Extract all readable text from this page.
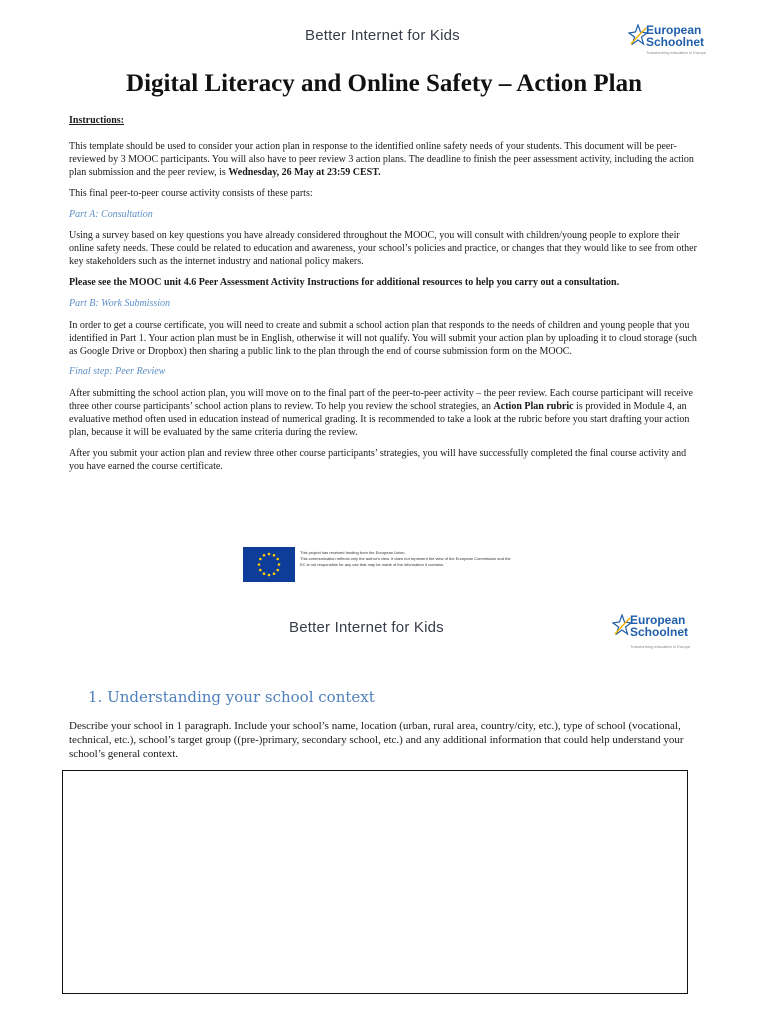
Better Internet for Kids	European
Schoolnet
Transforming education in Europe
Digital Literacy and Online Safety – Action Plan

Instructions:

This template should be used to consider your action plan in response to the identified online safety needs of your students. This document will be peer-reviewed by 3 MOOC participants. You will also have to peer review 3 action plans. The deadline to finish the peer assessment activity, including the action plan submission and the peer review, is Wednesday, 26 May at 23:59 CEST.

This final peer-to-peer course activity consists of these parts:

Part A: Consultation

Using a survey based on key questions you have already considered throughout the MOOC, you will consult with children/young people to explore their online safety needs. These could be related to education and awareness, your school’s policies and practice, or changes that they would like to see from other key stakeholders such as the internet industry and national policy makers.

Please see the MOOC unit 4.6 Peer Assessment Activity Instructions for additional resources to help you carry out a consultation.

Part B: Work Submission

In order to get a course certificate, you will need to create and submit a school action plan that responds to the needs of children and young people that you identified in Part 1. Your action plan must be in English, otherwise it will not qualify. You will submit your action plan by uploading it to cloud storage (such as Google Drive or Dropbox) then sharing a public link to the plan through the end of course submission form on the MOOC.

Final step: Peer Review

After submitting the school action plan, you will move on to the final part of the peer-to-peer activity – the peer review. Each course participant will receive three other course participants’ school action plans to review. To help you review the school strategies, an Action Plan rubric is provided in Module 4, an evaluative method often used in education instead of numerical grading. It is recommended to take a look at the rubric before you start drafting your action plan, because it will be evaluated by the same criteria during the review.

After you submit your action plan and review three other course participants’ strategies, you will have successfully completed the final course activity and you have earned the course certificate.

This project has received funding from the European Union.
This communication reflects only the author's view. It does not represent the view of the European Commission and the EC is not responsible for any use that may be made of the information it contains.
Better Internet for Kids	European
Schoolnet
Transforming education in Europe
1. Understanding your school context

Describe your school in 1 paragraph. Include your school’s name, location (urban, rural area, country/city, etc.), type of school (vocational, technical, etc.), school’s target group ((pre-)primary, secondary school, etc.) and any additional information that could help understand your school’s general context.
